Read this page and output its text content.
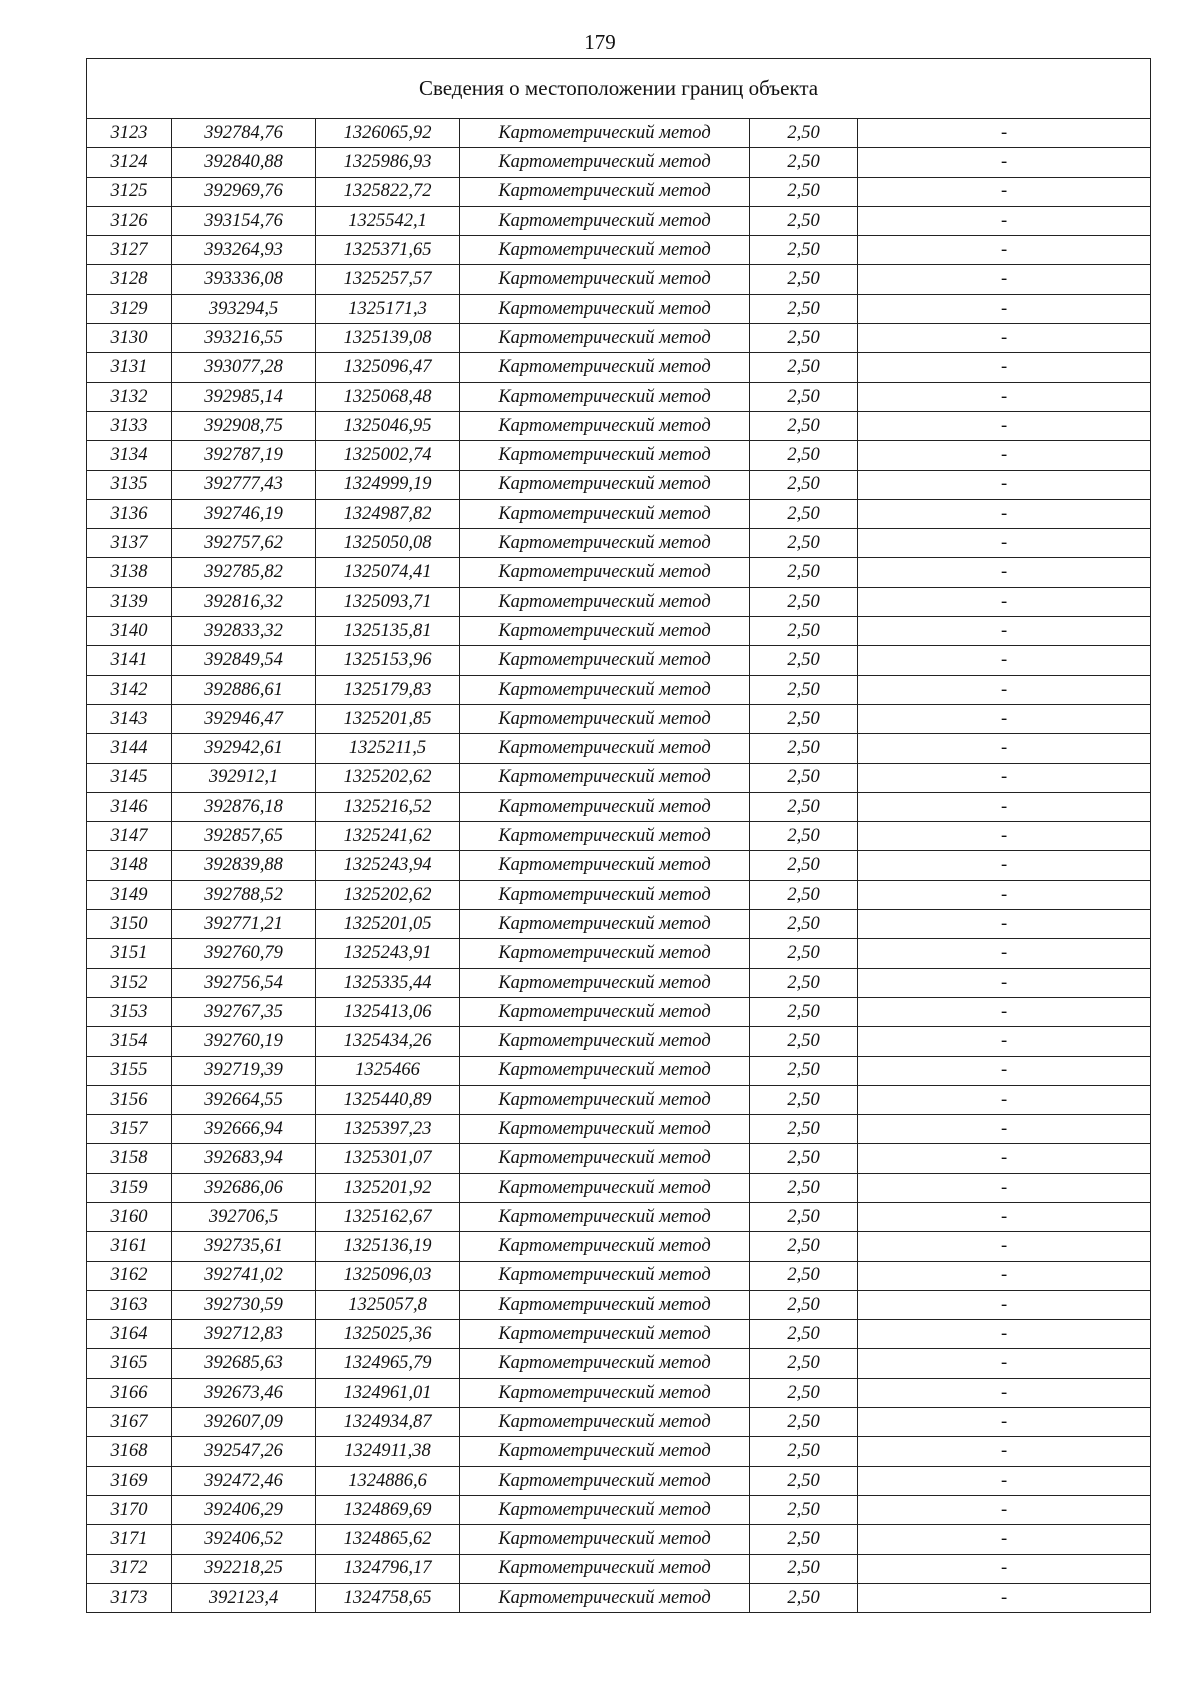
179
Сведения о местоположении границ объекта					
3123	392784,76	1326065,92	Картометрический метод	2,50	-
3124	392840,88	1325986,93	Картометрический метод	2,50	-
3125	392969,76	1325822,72	Картометрический метод	2,50	-
3126	393154,76	1325542,1	Картометрический метод	2,50	-
3127	393264,93	1325371,65	Картометрический метод	2,50	-
3128	393336,08	1325257,57	Картометрический метод	2,50	-
3129	393294,5	1325171,3	Картометрический метод	2,50	-
3130	393216,55	1325139,08	Картометрический метод	2,50	-
3131	393077,28	1325096,47	Картометрический метод	2,50	-
3132	392985,14	1325068,48	Картометрический метод	2,50	-
3133	392908,75	1325046,95	Картометрический метод	2,50	-
3134	392787,19	1325002,74	Картометрический метод	2,50	-
3135	392777,43	1324999,19	Картометрический метод	2,50	-
3136	392746,19	1324987,82	Картометрический метод	2,50	-
3137	392757,62	1325050,08	Картометрический метод	2,50	-
3138	392785,82	1325074,41	Картометрический метод	2,50	-
3139	392816,32	1325093,71	Картометрический метод	2,50	-
3140	392833,32	1325135,81	Картометрический метод	2,50	-
3141	392849,54	1325153,96	Картометрический метод	2,50	-
3142	392886,61	1325179,83	Картометрический метод	2,50	-
3143	392946,47	1325201,85	Картометрический метод	2,50	-
3144	392942,61	1325211,5	Картометрический метод	2,50	-
3145	392912,1	1325202,62	Картометрический метод	2,50	-
3146	392876,18	1325216,52	Картометрический метод	2,50	-
3147	392857,65	1325241,62	Картометрический метод	2,50	-
3148	392839,88	1325243,94	Картометрический метод	2,50	-
3149	392788,52	1325202,62	Картометрический метод	2,50	-
3150	392771,21	1325201,05	Картометрический метод	2,50	-
3151	392760,79	1325243,91	Картометрический метод	2,50	-
3152	392756,54	1325335,44	Картометрический метод	2,50	-
3153	392767,35	1325413,06	Картометрический метод	2,50	-
3154	392760,19	1325434,26	Картометрический метод	2,50	-
3155	392719,39	1325466	Картометрический метод	2,50	-
3156	392664,55	1325440,89	Картометрический метод	2,50	-
3157	392666,94	1325397,23	Картометрический метод	2,50	-
3158	392683,94	1325301,07	Картометрический метод	2,50	-
3159	392686,06	1325201,92	Картометрический метод	2,50	-
3160	392706,5	1325162,67	Картометрический метод	2,50	-
3161	392735,61	1325136,19	Картометрический метод	2,50	-
3162	392741,02	1325096,03	Картометрический метод	2,50	-
3163	392730,59	1325057,8	Картометрический метод	2,50	-
3164	392712,83	1325025,36	Картометрический метод	2,50	-
3165	392685,63	1324965,79	Картометрический метод	2,50	-
3166	392673,46	1324961,01	Картометрический метод	2,50	-
3167	392607,09	1324934,87	Картометрический метод	2,50	-
3168	392547,26	1324911,38	Картометрический метод	2,50	-
3169	392472,46	1324886,6	Картометрический метод	2,50	-
3170	392406,29	1324869,69	Картометрический метод	2,50	-
3171	392406,52	1324865,62	Картометрический метод	2,50	-
3172	392218,25	1324796,17	Картометрический метод	2,50	-
3173	392123,4	1324758,65	Картометрический метод	2,50	-
